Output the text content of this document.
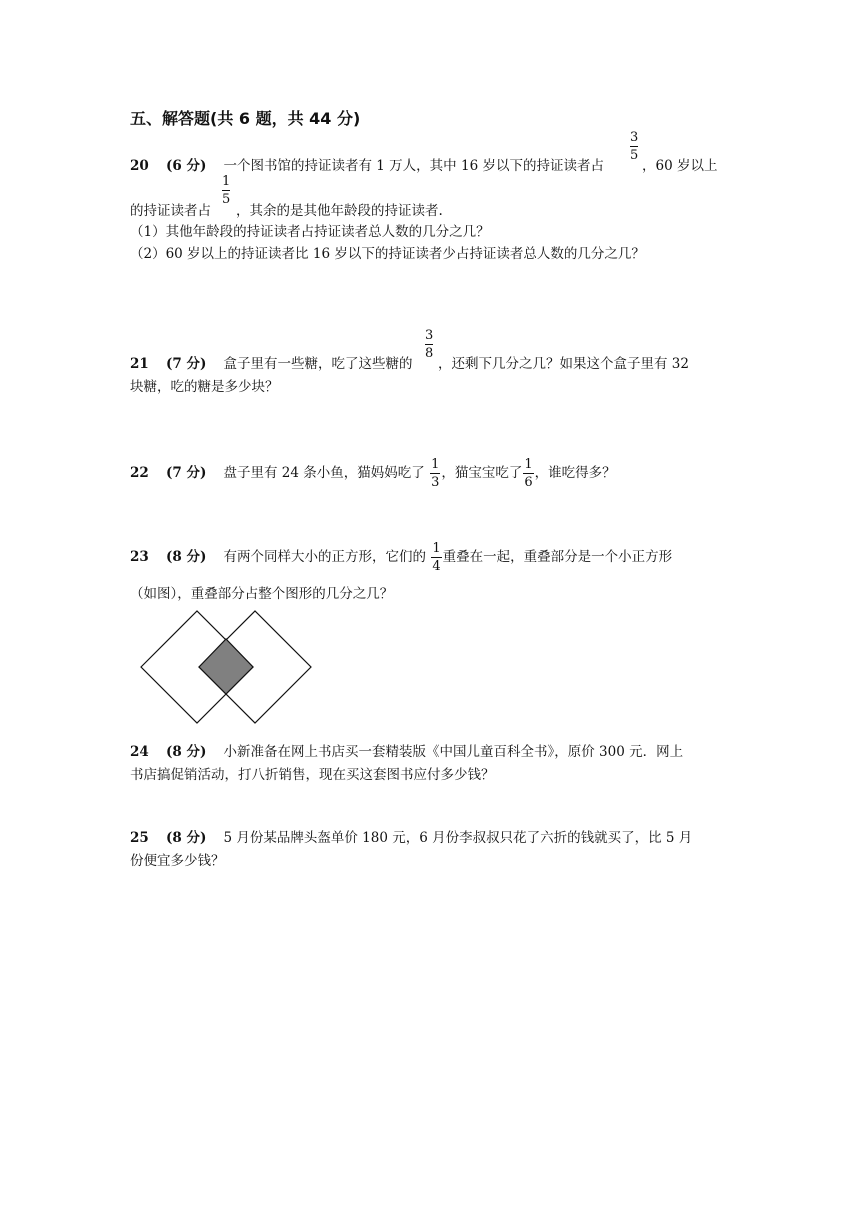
五、解答题(共 6 题，共 44 分)
20 (6 分) 一个图书馆的持证读者有 1 万人，其中 16 岁以下的持证读者占
3
5
，60 岁以上
的持证读者占
1
5
，其余的是其他年龄段的持证读者.
（1）其他年龄段的持证读者占持证读者总人数的几分之几？
（2）60 岁以上的持证读者比 16 岁以下的持证读者少占持证读者总人数的几分之几？
21 (7 分) 盒子里有一些糖，吃了这些糖的
3
8
，还剩下几分之几？如果这个盒子里有 32
块糖，吃的糖是多少块？
22 (7 分) 盘子里有 24 条小鱼，猫妈妈吃了 $\frac{1}{3}$ ，猫宝宝吃了 $\frac{1}{6}$ ，谁吃得多？
23 (8 分) 有两个同样大小的正方形，它们的 $\frac{1}{4}$ 重叠在一起，重叠部分是一个小正方形
（如图），重叠部分占整个图形的几分之几？
24 (8 分) 小新准备在网上书店买一套精装版《中国儿童百科全书》，原价 300 元．网上
书店搞促销活动，打八折销售，现在买这套图书应付多少钱？
25 (8 分) 5 月份某品牌头盔单价 180 元，6 月份李叔叔只花了六折的钱就买了，比 5 月
份便宜多少钱？
